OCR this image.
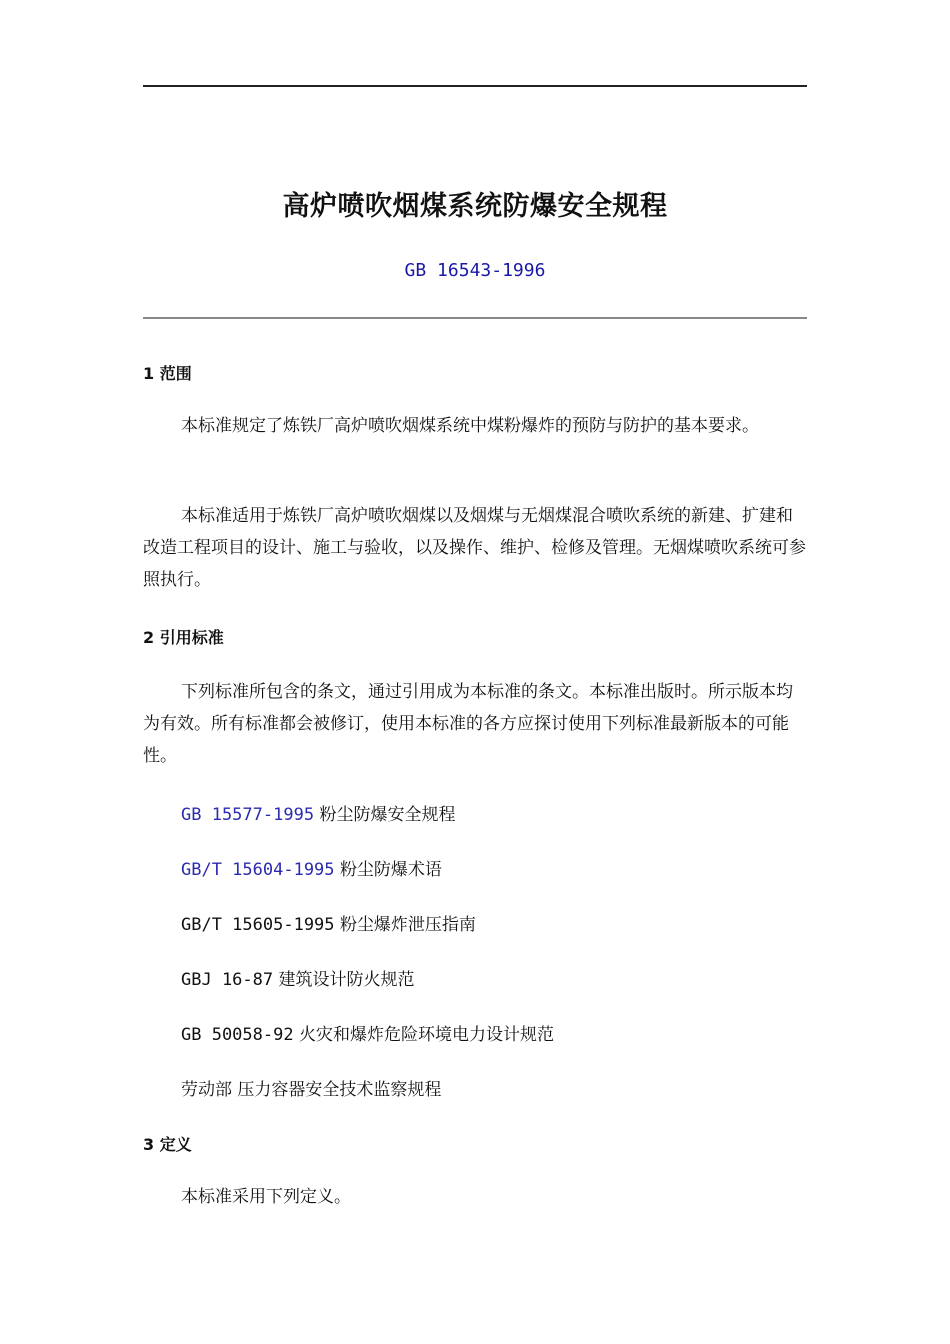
高炉喷吹烟煤系统防爆安全规程
GB 16543-1996
1 范围
本标准规定了炼铁厂高炉喷吹烟煤系统中煤粉爆炸的预防与防护的基本要求。
本标准适用于炼铁厂高炉喷吹烟煤以及烟煤与无烟煤混合喷吹系统的新建、扩建和改造工程项目的设计、施工与验收，以及操作、维护、检修及管理。无烟煤喷吹系统可参照执行。
2 引用标准
下列标准所包含的条文，通过引用成为本标准的条文。本标准出版时。所示版本均为有效。所有标准都会被修订，使用本标准的各方应探讨使用下列标准最新版本的可能性。
GB 15577-1995 粉尘防爆安全规程
GB/T 15604-1995 粉尘防爆术语
GB/T 15605-1995 粉尘爆炸泄压指南
GBJ 16-87 建筑设计防火规范
GB 50058-92 火灾和爆炸危险环境电力设计规范
劳动部 压力容器安全技术监察规程
3 定义
本标准采用下列定义。
